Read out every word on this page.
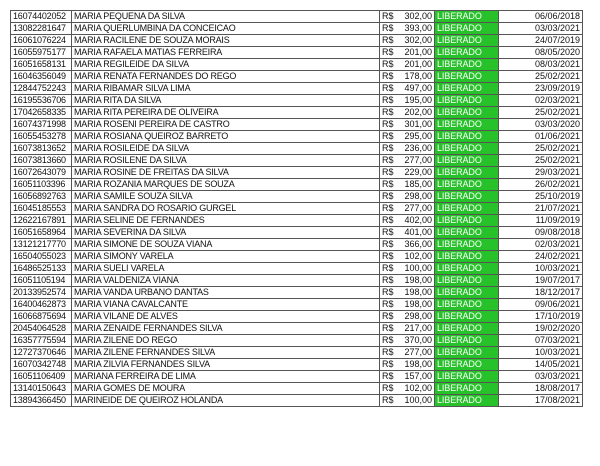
16074402052	MARIA PEQUENA DA SILVA	R$	302,00	LIBERADO	06/06/2018
13082281647	MARIA QUERLUMBINA DA CONCEICAO	R$	393,00	LIBERADO	03/03/2021
16061076224	MARIA RACILENE DE SOUZA MORAIS	R$	302,00	LIBERADO	24/07/2019
16055975177	MARIA RAFAELA MATIAS FERREIRA	R$	201,00	LIBERADO	08/05/2020
16051658131	MARIA REGILEIDE DA SILVA	R$	201,00	LIBERADO	08/03/2021
16046356049	MARIA RENATA FERNANDES DO REGO	R$	178,00	LIBERADO	25/02/2021
12844752243	MARIA RIBAMAR SILVA LIMA	R$	497,00	LIBERADO	23/09/2019
16195536706	MARIA RITA DA SILVA	R$	195,00	LIBERADO	02/03/2021
17042658335	MARIA RITA PEREIRA DE OLIVEIRA	R$	202,00	LIBERADO	25/02/2021
16074371998	MARIA ROSENI PEREIRA DE CASTRO	R$	301,00	LIBERADO	03/03/2020
16055453278	MARIA ROSIANA QUEIROZ BARRETO	R$	295,00	LIBERADO	01/06/2021
16073813652	MARIA ROSILEIDE DA SILVA	R$	236,00	LIBERADO	25/02/2021
16073813660	MARIA ROSILENE DA SILVA	R$	277,00	LIBERADO	25/02/2021
16072643079	MARIA ROSINE DE FREITAS DA SILVA	R$	229,00	LIBERADO	29/03/2021
16051103396	MARIA ROZANIA MARQUES DE SOUZA	R$	185,00	LIBERADO	26/02/2021
16056892763	MARIA SAMILE SOUZA SILVA	R$	298,00	LIBERADO	25/10/2019
16045185553	MARIA SANDRA DO ROSARIO GURGEL	R$	277,00	LIBERADO	21/07/2021
12622167891	MARIA SELINE DE FERNANDES	R$	402,00	LIBERADO	11/09/2019
16051658964	MARIA SEVERINA DA SILVA	R$	401,00	LIBERADO	09/08/2018
13121217770	MARIA SIMONE DE SOUZA VIANA	R$	366,00	LIBERADO	02/03/2021
16504055023	MARIA SIMONY VARELA	R$	102,00	LIBERADO	24/02/2021
16486525133	MARIA SUELI VARELA	R$	100,00	LIBERADO	10/03/2021
16051105194	MARIA VALDENIZA VIANA	R$	198,00	LIBERADO	19/07/2017
20133952574	MARIA VANDA URBANO DANTAS	R$	198,00	LIBERADO	18/12/2017
16400462873	MARIA VIANA CAVALCANTE	R$	198,00	LIBERADO	09/06/2021
16066875694	MARIA VILANE DE ALVES	R$	298,00	LIBERADO	17/10/2019
20454064528	MARIA ZENAIDE FERNANDES SILVA	R$	217,00	LIBERADO	19/02/2020
16357775594	MARIA ZILENE DO REGO	R$	370,00	LIBERADO	07/03/2021
12727370646	MARIA ZILENE FERNANDES SILVA	R$	277,00	LIBERADO	10/03/2021
16070342748	MARIA ZILVIA FERNANDES SILVA	R$	198,00	LIBERADO	14/05/2021
16051106409	MARIANA FERREIRA DE LIMA	R$	157,00	LIBERADO	03/03/2021
13140150643	MARIA GOMES DE MOURA	R$	102,00	LIBERADO	18/08/2017
13894366450	MARINEIDE DE QUEIROZ HOLANDA	R$	100,00	LIBERADO	17/08/2021
